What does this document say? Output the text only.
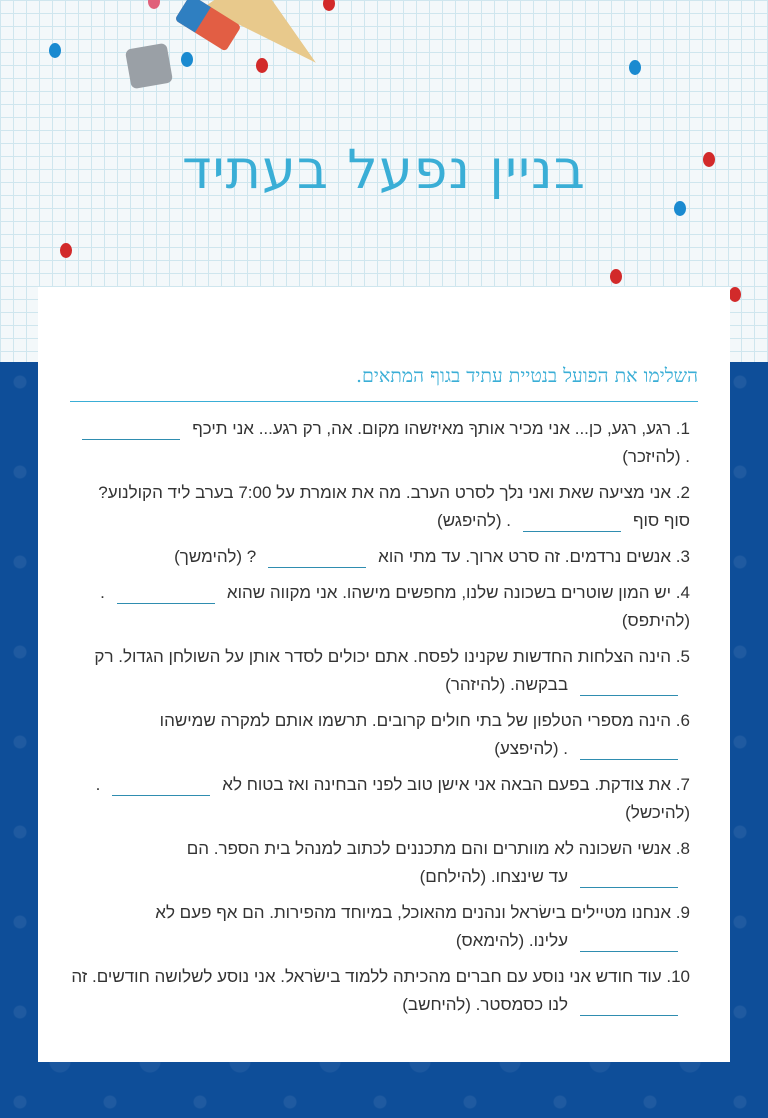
בניין נפעל בעתיד
השלימו את הפועל בנטיית עתיד בגוף המתאים.
1. רגע, רגע, כן... אני מכיר אותךָ מאיזשהו מקום. אה, רק רגע... אני תיכף. (להיזכר)
2. אני מציעה שאת ואני נלך לסרט הערב. מה את אומרת על 7:00 בערב ליד הקולנוע? סוף סוף. (להיפגש)
3. אנשים נרדמים. זה סרט ארוך. עד מתי הוא? (להימשך)
4. יש המון שוטרים בשכונה שלנו, מחפשים מישהו. אני מקווה שהוא. (להיתפס)
5. הינה הצלחות החדשות שקנינו לפסח. אתם יכולים לסדר אותן על השולחן הגדול. רקבבקשה. (להיזהר)
6. הינה מספרי הטלפון של בתי חולים קרובים. תרשמו אותם למקרה שמישהו. (להיפצע)
7. את צודקת. בפעם הבאה אני אישן טוב לפני הבחינה ואז בטוח לא. (להיכשל)
8. אנשי השכונה לא מוותרים והם מתכננים לכתוב למנהל בית הספר. הםעד שינצחו. (להילחם)
9. אנחנו מטיילים בישׂראל ונהנים מהאוכל, במיוחד מהפירות. הם אף פעם לאעלינו. (להימאס)
10. עוד חודש אני נוסע עם חברים מהכיתה ללמוד בישׂראל. אני נוסע לשלושה חודשים. זהלנו כסמסטר. (להיחשב)
